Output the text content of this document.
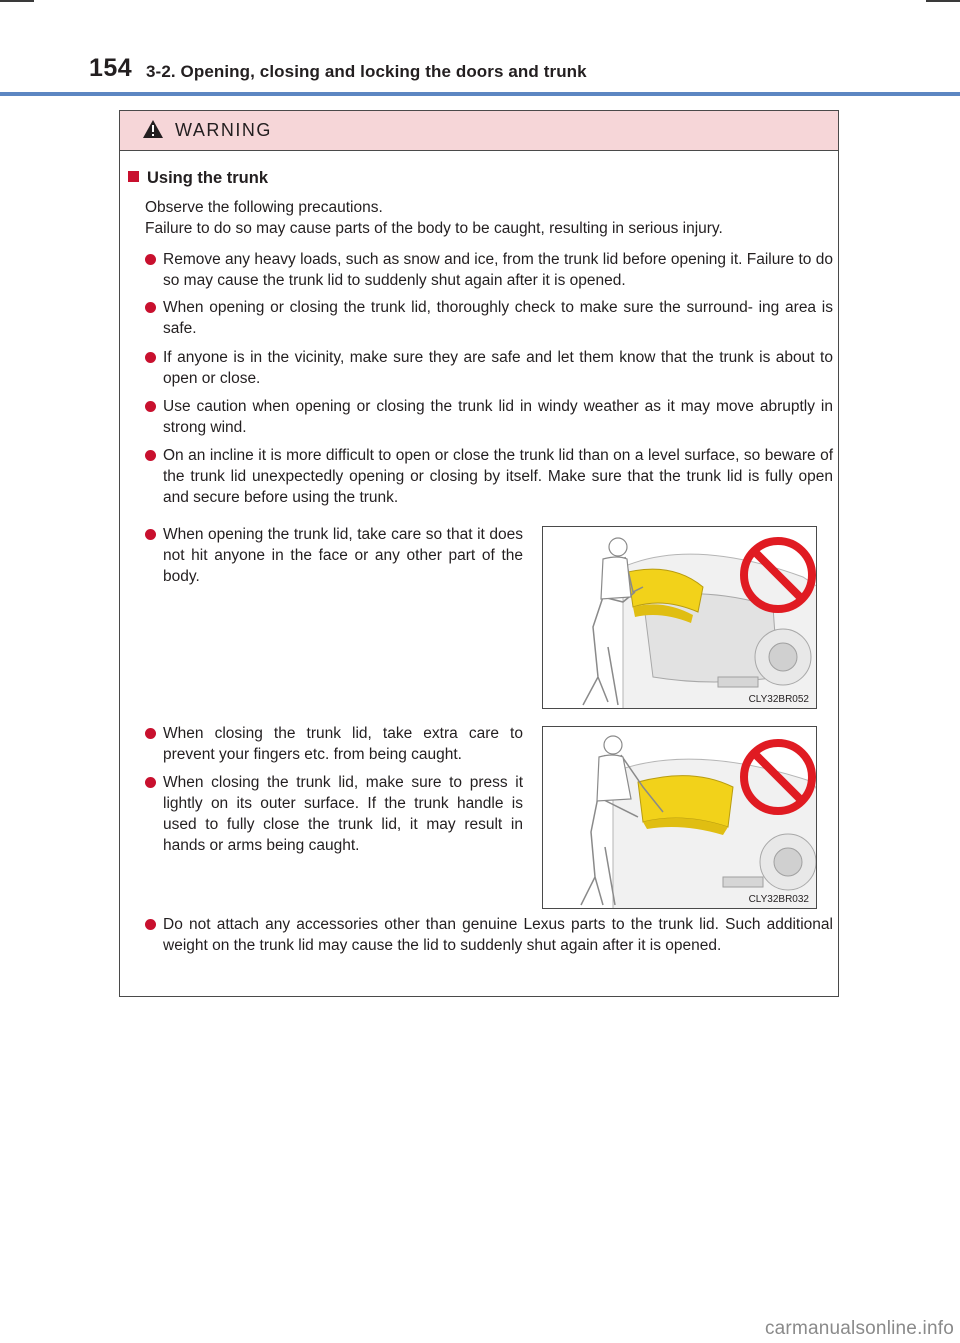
154 3-2. Opening, closing and locking the doors and trunk
WARNING
Using the trunk
Observe the following precautions.
Failure to do so may cause parts of the body to be caught, resulting in serious injury.
Remove any heavy loads, such as snow and ice, from the trunk lid before opening it. Failure to do so may cause the trunk lid to suddenly shut again after it is opened.
When opening or closing the trunk lid, thoroughly check to make sure the surround- ing area is safe.
If anyone is in the vicinity, make sure they are safe and let them know that the trunk is about to open or close.
Use caution when opening or closing the trunk lid in windy weather as it may move abruptly in strong wind.
On an incline it is more difficult to open or close the trunk lid than on a level surface, so beware of the trunk lid unexpectedly opening or closing by itself. Make sure that the trunk lid is fully open and secure before using the trunk.
When opening the trunk lid, take care so that it does not hit anyone in the face or any other part of the body.
CLY32BR052
When closing the trunk lid, take extra care to prevent your fingers etc. from being caught.
When closing the trunk lid, make sure to press it lightly on its outer surface. If the trunk handle is used to fully close the trunk lid, it may result in hands or arms being caught.
CLY32BR032
Do not attach any accessories other than genuine Lexus parts to the trunk lid. Such additional weight on the trunk lid may cause the lid to suddenly shut again after it is opened.
carmanualsonline.info
